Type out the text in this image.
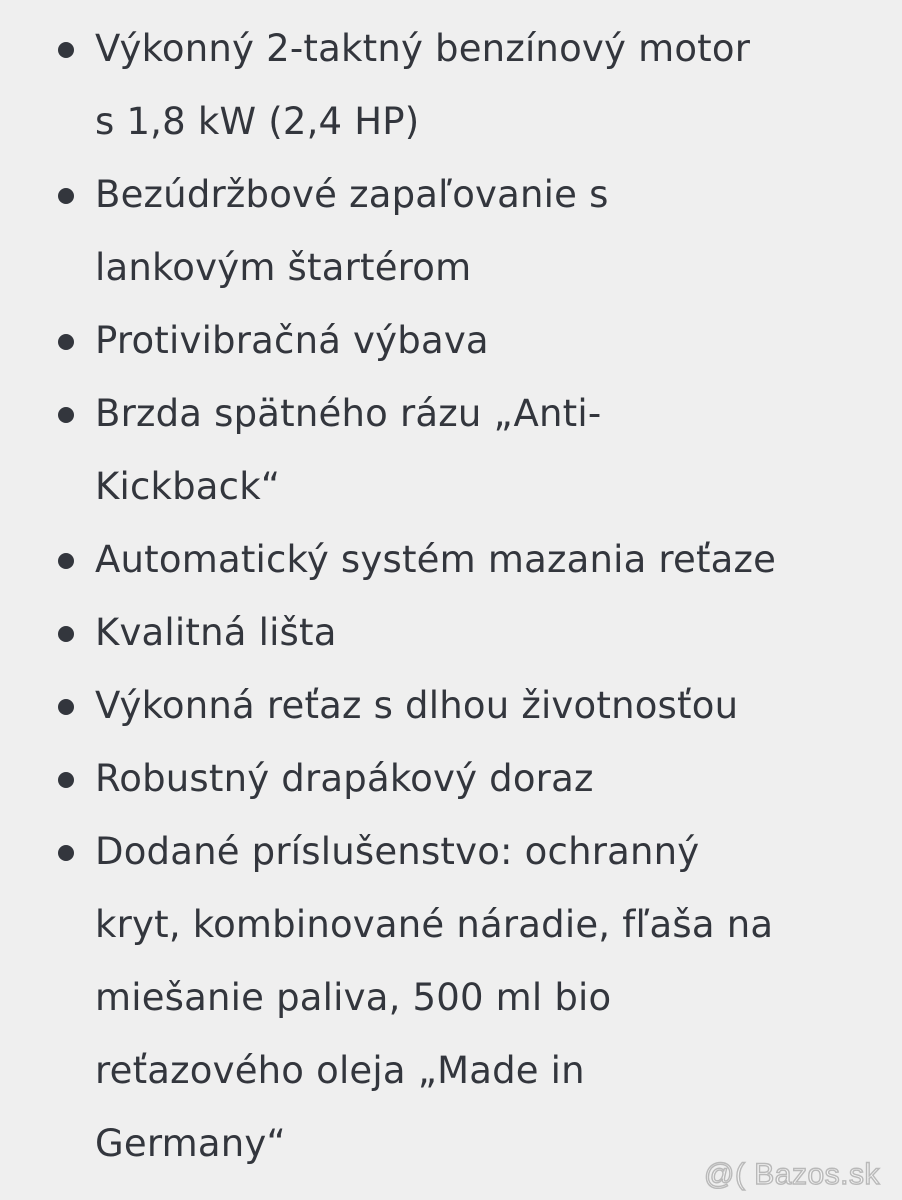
Výkonný 2-taktný benzínový motor
s 1,8 kW (2,4 HP)
Bezúdržbové zapaľovanie s
lankovým štartérom
Protivibračná výbava
Brzda spätného rázu „Anti-
Kickback“
Automatický systém mazania reťaze
Kvalitná lišta
Výkonná reťaz s dlhou životnosťou
Robustný drapákový doraz
Dodané príslušenstvo: ochranný
kryt, kombinované náradie, fľaša na
miešanie paliva, 500 ml bio
reťazového oleja „Made in
Germany“
@( Bazos.sk
